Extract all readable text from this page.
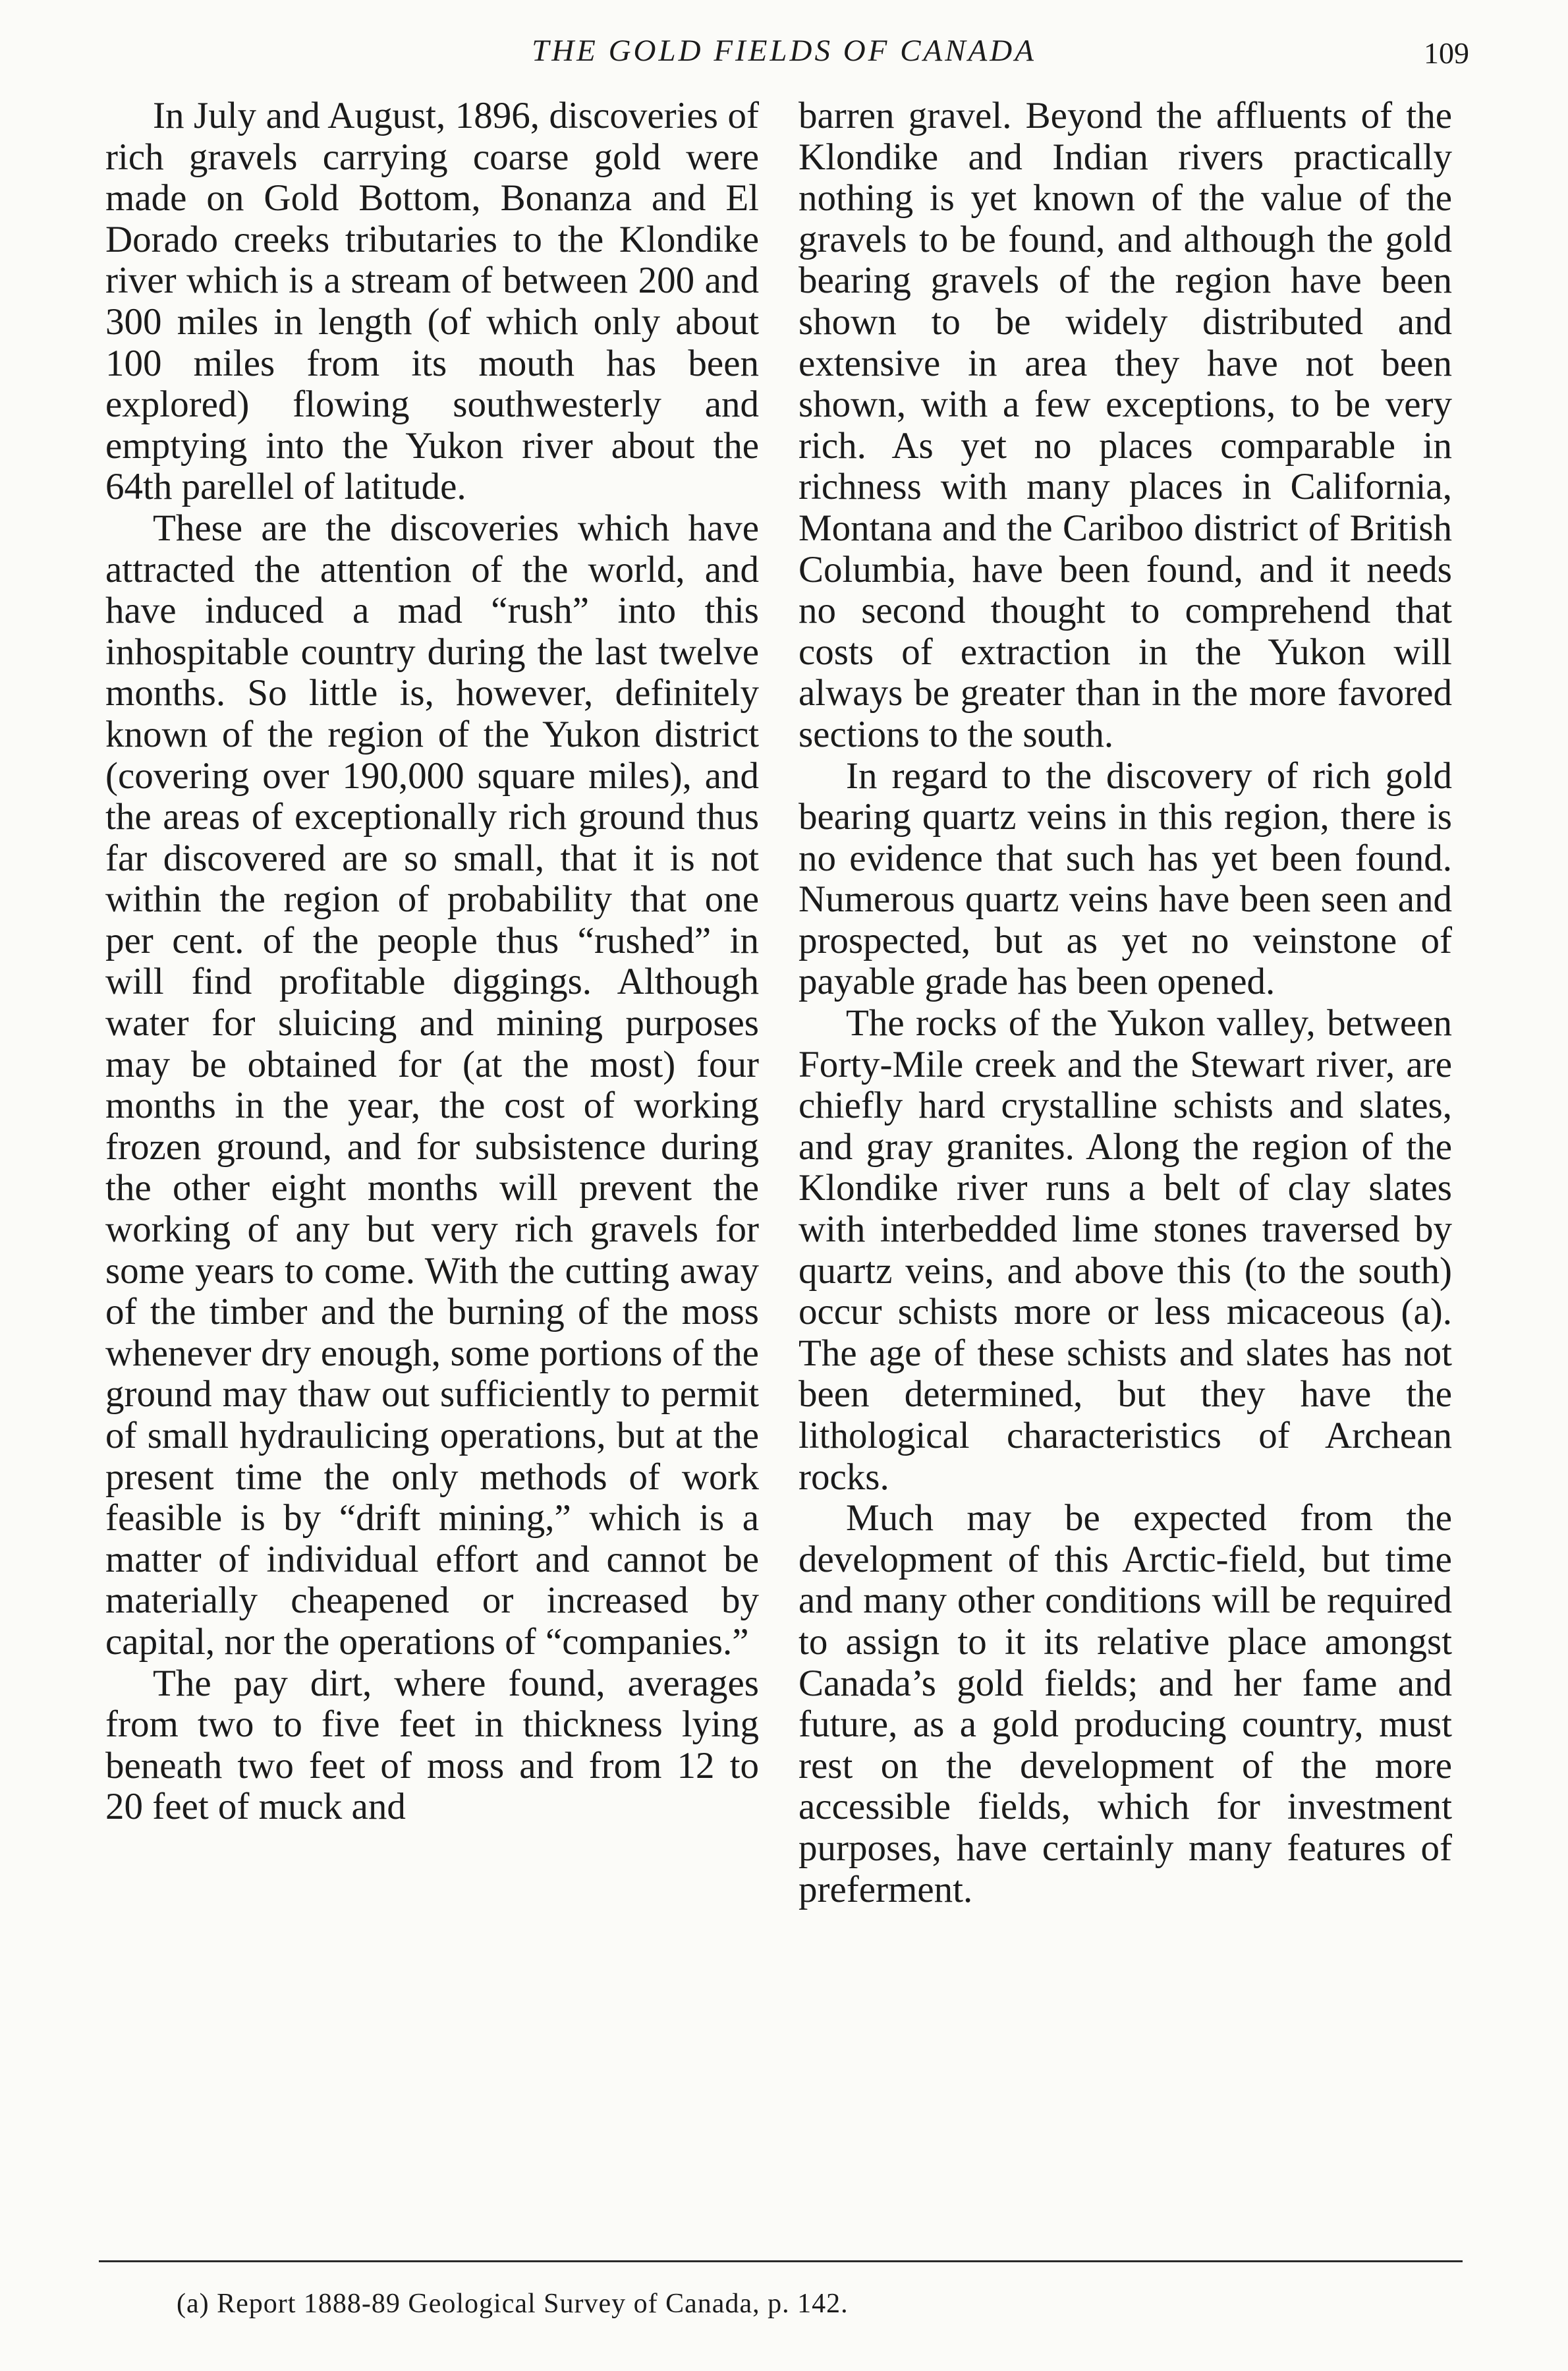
THE GOLD FIELDS OF CANADA	109

In July and August, 1896, discoveries of rich gravels carrying coarse gold were made on Gold Bottom, Bonanza and El Dorado creeks tributaries to the Klondike river which is a stream of between 200 and 300 miles in length (of which only about 100 miles from its mouth has been explored) flowing southwesterly and emptying into the Yukon river about the 64th parellel of latitude.

These are the discoveries which have attracted the attention of the world, and have induced a mad “rush” into this inhospitable country during the last twelve months. So little is, however, definitely known of the region of the Yukon district (covering over 190,000 square miles), and the areas of exceptionally rich ground thus far discovered are so small, that it is not within the region of probability that one per cent. of the people thus “rushed” in will find profitable diggings. Although water for sluicing and mining purposes may be obtained for (at the most) four months in the year, the cost of working frozen ground, and for subsistence during the other eight months will prevent the working of any but very rich gravels for some years to come. With the cutting away of the timber and the burning of the moss whenever dry enough, some portions of the ground may thaw out sufficiently to permit of small hydraulicing operations, but at the present time the only methods of work feasible is by “drift mining,” which is a matter of individual effort and cannot be materially cheapened or increased by capital, nor the operations of “companies.”

The pay dirt, where found, averages from two to five feet in thickness lying beneath two feet of moss and from 12 to 20 feet of muck and

barren gravel. Beyond the affluents of the Klondike and Indian rivers practically nothing is yet known of the value of the gravels to be found, and although the gold bearing gravels of the region have been shown to be widely distributed and extensive in area they have not been shown, with a few exceptions, to be very rich. As yet no places comparable in richness with many places in California, Montana and the Cariboo district of British Columbia, have been found, and it needs no second thought to comprehend that costs of extraction in the Yukon will always be greater than in the more favored sections to the south.

In regard to the discovery of rich gold bearing quartz veins in this region, there is no evidence that such has yet been found. Numerous quartz veins have been seen and prospected, but as yet no veinstone of payable grade has been opened.

The rocks of the Yukon valley, between Forty-Mile creek and the Stewart river, are chiefly hard crystalline schists and slates, and gray granites. Along the region of the Klondike river runs a belt of clay slates with interbedded lime stones traversed by quartz veins, and above this (to the south) occur schists more or less micaceous (a). The age of these schists and slates has not been determined, but they have the lithological characteristics of Archean rocks.

Much may be expected from the development of this Arctic-field, but time and many other conditions will be required to assign to it its relative place amongst Canada’s gold fields; and her fame and future, as a gold producing country, must rest on the development of the more accessible fields, which for investment purposes, have certainly many features of preferment.

(a) Report 1888-89 Geological Survey of Canada, p. 142.
